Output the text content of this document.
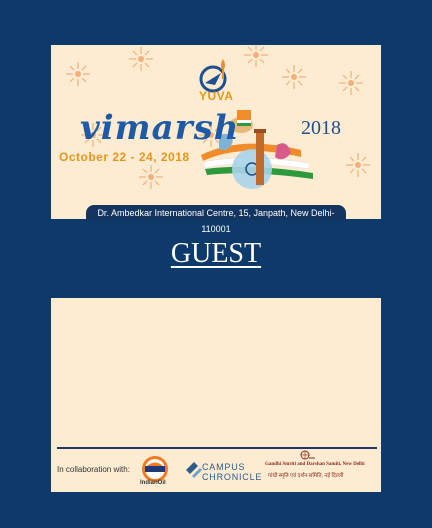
YUVA
vimarsh	2018
October 22 - 24, 2018
Dr. Ambedkar International Centre, 15, Janpath, New Delhi-110001
GUEST
In collaboration with:
IndianOil
CAMPUS
CHRONICLE
Gandhi Smriti and Darshan Samiti, New Delhi
गांधी स्मृति एवं दर्शन समिति, नई दिल्ली
